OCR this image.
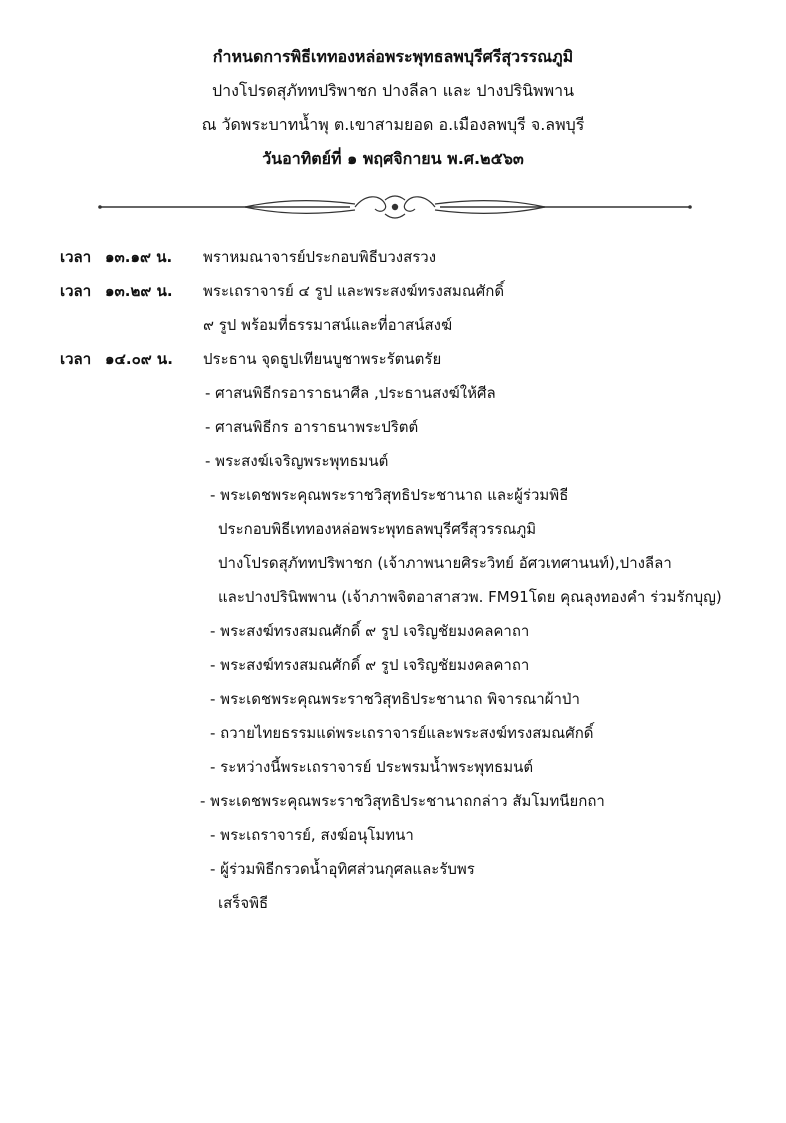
กำหนดการพิธีเททองหล่อพระพุทธลพบุรีศรีสุวรรณภูมิ
ปางโปรดสุภัททปริพาชก ปางลีลา และ ปางปรินิพพาน
ณ วัดพระบาทน้ำพุ ต.เขาสามยอด อ.เมืองลพบุรี จ.ลพบุรี
วันอาทิตย์ที่ ๑ พฤศจิกายน พ.ศ.๒๕๖๓
เวลา ๑๓.๑๙ น. พราหมณาจารย์ประกอบพิธีบวงสรวง
เวลา ๑๓.๒๙ น. พระเถราจารย์ ๔ รูป และพระสงฆ์ทรงสมณศักดิ์
๙ รูป พร้อมที่ธรรมาสน์และที่อาสน์สงฆ์
เวลา ๑๔.๐๙ น. ประธาน จุดธูปเทียนบูชาพระรัตนตรัย
- ศาสนพิธีกรอาราธนาศีล ,ประธานสงฆ์ให้ศีล
- ศาสนพิธีกร อาราธนาพระปริตต์
- พระสงฆ์เจริญพระพุทธมนต์
- พระเดชพระคุณพระราชวิสุทธิประชานาถ และผู้ร่วมพิธี
ประกอบพิธีเททองหล่อพระพุทธลพบุรีศรีสุวรรณภูมิ
ปางโปรดสุภัททปริพาชก (เจ้าภาพนายศิระวิทย์ อัศวเทศานนท์),ปางลีลา
และปางปรินิพพาน (เจ้าภาพจิตอาสาสวพ. FM91โดย คุณลุงทองคำ ร่วมรักบุญ)
- พระสงฆ์ทรงสมณศักดิ์ ๙ รูป เจริญชัยมงคลคาถา
- พระสงฆ์ทรงสมณศักดิ์ ๙ รูป เจริญชัยมงคลคาถา
- พระเดชพระคุณพระราชวิสุทธิประชานาถ พิจารณาผ้าป่า
- ถวายไทยธรรมแด่พระเถราจารย์และพระสงฆ์ทรงสมณศักดิ์
- ระหว่างนี้พระเถราจารย์ ประพรมน้ำพระพุทธมนต์
- พระเดชพระคุณพระราชวิสุทธิประชานาถกล่าว สัมโมทนียกถา
- พระเถราจารย์, สงฆ์อนุโมทนา
- ผู้ร่วมพิธีกรวดน้ำอุทิศส่วนกุศลและรับพร
เสร็จพิธี
